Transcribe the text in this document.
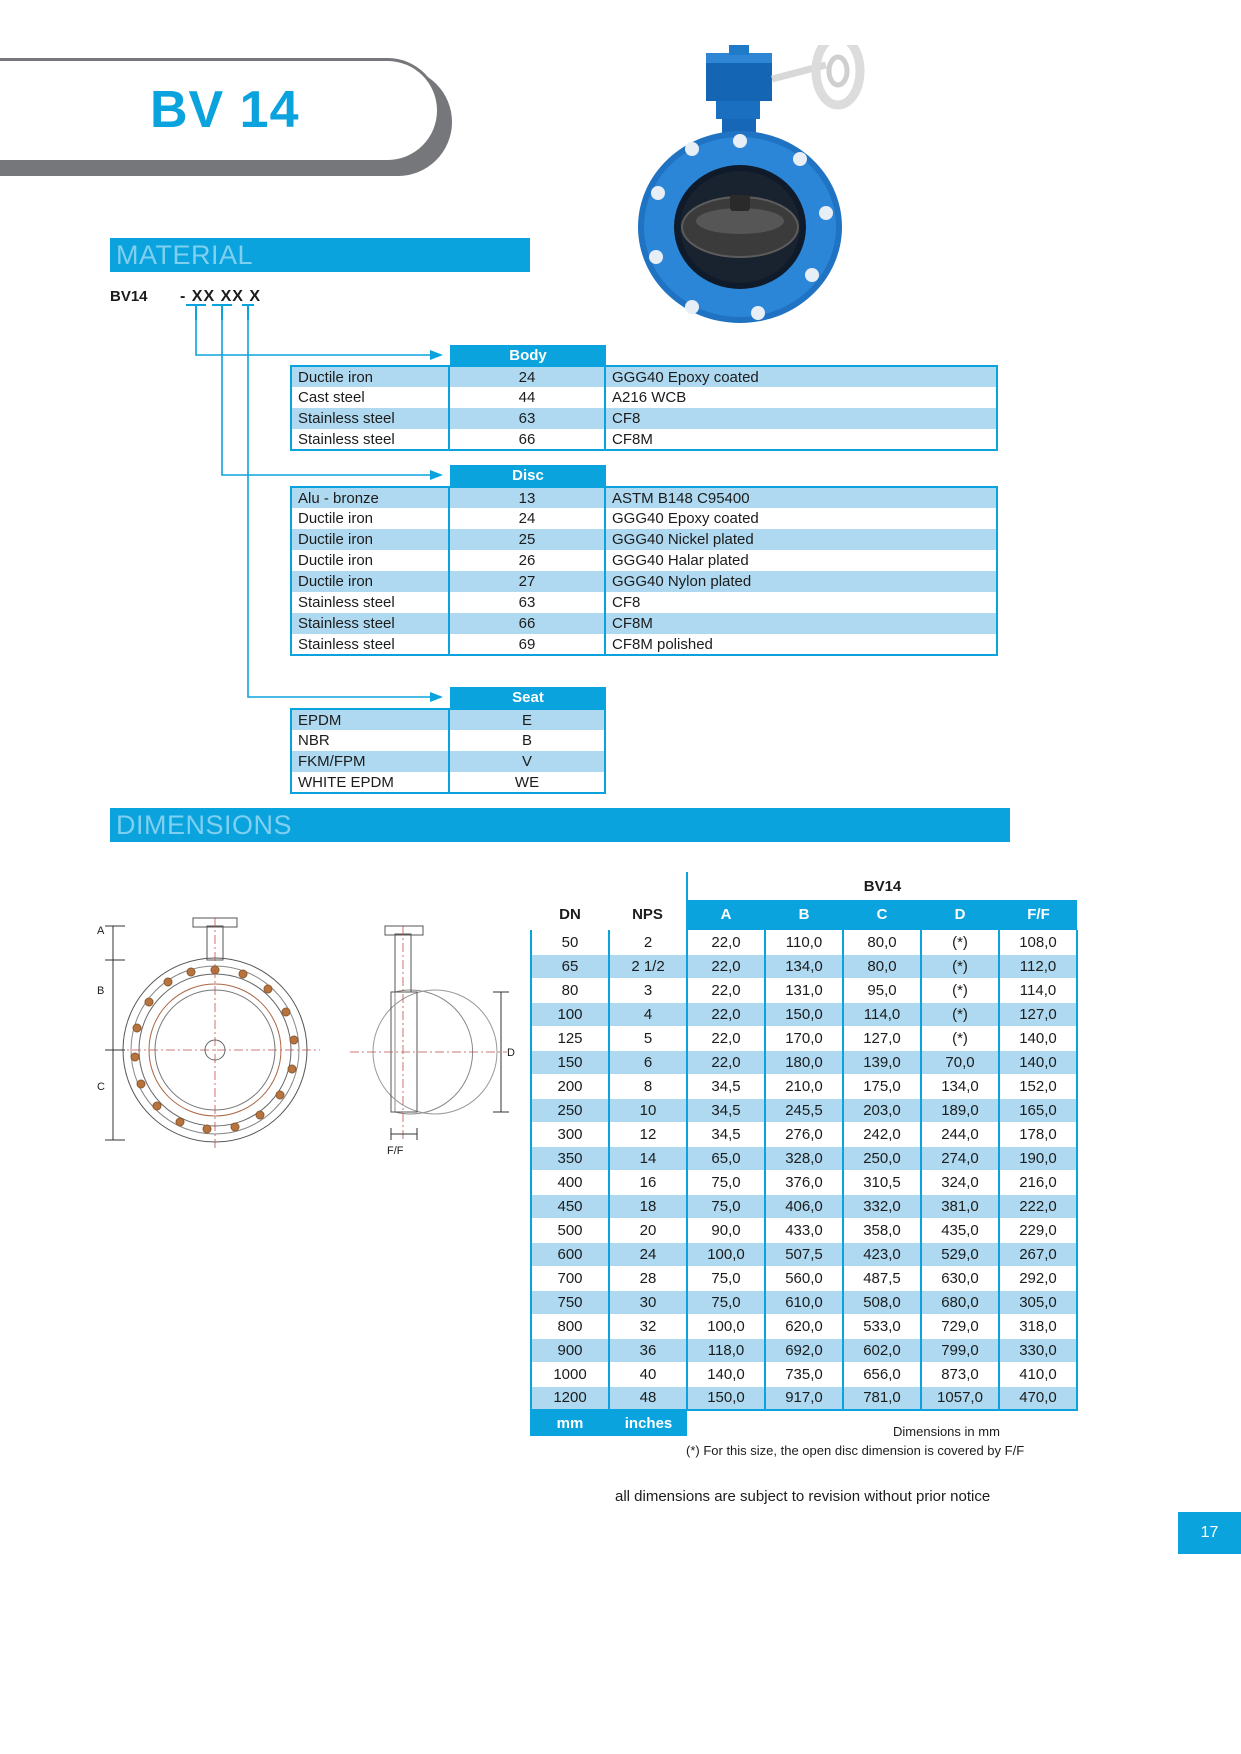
BV 14
MATERIAL
BV14 - XX XX X
Body
Ductile iron	24	GGG40 Epoxy coated
Cast steel	44	A216 WCB
Stainless steel	63	CF8
Stainless steel	66	CF8M
Disc
Alu - bronze	13	ASTM B148 C95400
Ductile iron	24	GGG40 Epoxy coated
Ductile iron	25	GGG40 Nickel plated
Ductile iron	26	GGG40 Halar plated
Ductile iron	27	GGG40 Nylon plated
Stainless steel	63	CF8
Stainless steel	66	CF8M
Stainless steel	69	CF8M polished
Seat
EPDM	E
NBR	B
FKM/FPM	V
WHITE EPDM	WE
DIMENSIONS
A
B
C
D
F/F
		BV14				
DN	NPS	A	B	C	D	F/F
50	2	22,0	110,0	80,0	(*)	108,0
65	2 1/2	22,0	134,0	80,0	(*)	112,0
80	3	22,0	131,0	95,0	(*)	114,0
100	4	22,0	150,0	114,0	(*)	127,0
125	5	22,0	170,0	127,0	(*)	140,0
150	6	22,0	180,0	139,0	70,0	140,0
200	8	34,5	210,0	175,0	134,0	152,0
250	10	34,5	245,5	203,0	189,0	165,0
300	12	34,5	276,0	242,0	244,0	178,0
350	14	65,0	328,0	250,0	274,0	190,0
400	16	75,0	376,0	310,5	324,0	216,0
450	18	75,0	406,0	332,0	381,0	222,0
500	20	90,0	433,0	358,0	435,0	229,0
600	24	100,0	507,5	423,0	529,0	267,0
700	28	75,0	560,0	487,5	630,0	292,0
750	30	75,0	610,0	508,0	680,0	305,0
800	32	100,0	620,0	533,0	729,0	318,0
900	36	118,0	692,0	602,0	799,0	330,0
1000	40	140,0	735,0	656,0	873,0	410,0
1200	48	150,0	917,0	781,0	1057,0	470,0
mm	inches						Dimensions in mm
(*) For this size, the open disc dimension is covered by F/F
all dimensions are subject to revision without prior notice
17
